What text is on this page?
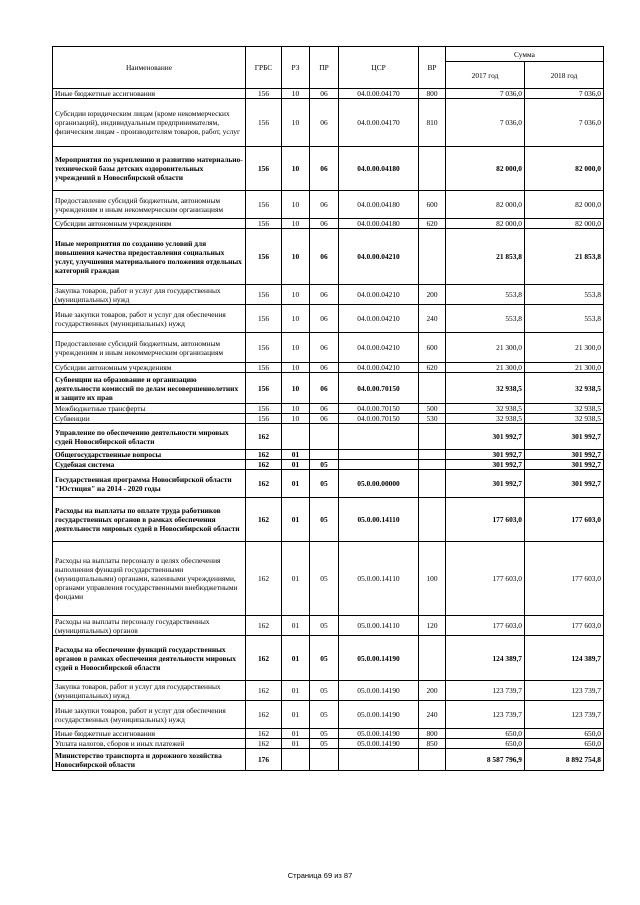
Наименование	ГРБС	РЗ	ПР	ЦСР	ВР	Сумма	
						2017 год	2018 год
Иные бюджетные ассигнования	156	10	06	04.0.00.04170	800	7 036,0	7 036,0
Субсидии юридическим лицам (кроме некоммерческих организаций), индивидуальным предпринимателям, физическим лицам - производителям товаров, работ, услуг	156	10	06	04.0.00.04170	810	7 036,0	7 036,0
Мероприятия по укреплению и развитию материально-технической базы детских оздоровительных учреждений в Новосибирской области	156	10	06	04.0.00.04180		82 000,0	82 000,0
Предоставление субсидий бюджетным, автономным учреждениям и иным некоммерческим организациям	156	10	06	04.0.00.04180	600	82 000,0	82 000,0
Субсидии автономным учреждениям	156	10	06	04.0.00.04180	620	82 000,0	82 000,0
Иные мероприятия по созданию условий для повышения качества предоставления социальных услуг, улучшения материального положения отдельных категорий граждан	156	10	06	04.0.00.04210		21 853,8	21 853,8
Закупка товаров, работ и услуг для государственных (муниципальных) нужд	156	10	06	04.0.00.04210	200	553,8	553,8
Иные закупки товаров, работ и услуг для обеспечения государственных (муниципальных) нужд	156	10	06	04.0.00.04210	240	553,8	553,8
Предоставление субсидий бюджетным, автономным учреждениям и иным некоммерческим организациям	156	10	06	04.0.00.04210	600	21 300,0	21 300,0
Субсидии автономным учреждениям	156	10	06	04.0.00.04210	620	21 300,0	21 300,0
Субвенции на образование и организацию деятельности комиссий по делам несовершеннолетних и защите их прав	156	10	06	04.0.00.70150		32 938,5	32 938,5
Межбюджетные трансферты	156	10	06	04.0.00.70150	500	32 938,5	32 938,5
Субвенции	156	10	06	04.0.00.70150	530	32 938,5	32 938,5
Управление по обеспечению деятельности мировых судей Новосибирской области	162					301 992,7	301 992,7
Общегосударственные вопросы	162	01				301 992,7	301 992,7
Судебная система	162	01	05			301 992,7	301 992,7
Государственная программа Новосибирской области "Юстиция" на 2014 - 2020 годы	162	01	05	05.0.00.00000		301 992,7	301 992,7
Расходы на выплаты по оплате труда работников государственных органов в рамках обеспечения деятельности мировых судей в Новосибирской области	162	01	05	05.0.00.14110		177 603,0	177 603,0
Расходы на выплаты персоналу в целях обеспечения выполнения функций государственными (муниципальными) органами, казенными учреждениями, органами управления государственными внебюджетными фондами	162	01	05	05.0.00.14110	100	177 603,0	177 603,0
Расходы на выплаты персоналу государственных (муниципальных) органов	162	01	05	05.0.00.14110	120	177 603,0	177 603,0
Расходы на обеспечение функций государственных органов в рамках обеспечения деятельности мировых судей в Новосибирской области	162	01	05	05.0.00.14190		124 389,7	124 389,7
Закупка товаров, работ и услуг для государственных (муниципальных) нужд	162	01	05	05.0.00.14190	200	123 739,7	123 739,7
Иные закупки товаров, работ и услуг для обеспечения государственных (муниципальных) нужд	162	01	05	05.0.00.14190	240	123 739,7	123 739,7
Иные бюджетные ассигнования	162	01	05	05.0.00.14190	800	650,0	650,0
Уплата налогов, сборов и иных платежей	162	01	05	05.0.00.14190	850	650,0	650,0
Министерство транспорта и дорожного хозяйства Новосибирской области	176					8 587 796,9	8 892 754,8
Страница 69 из 87
